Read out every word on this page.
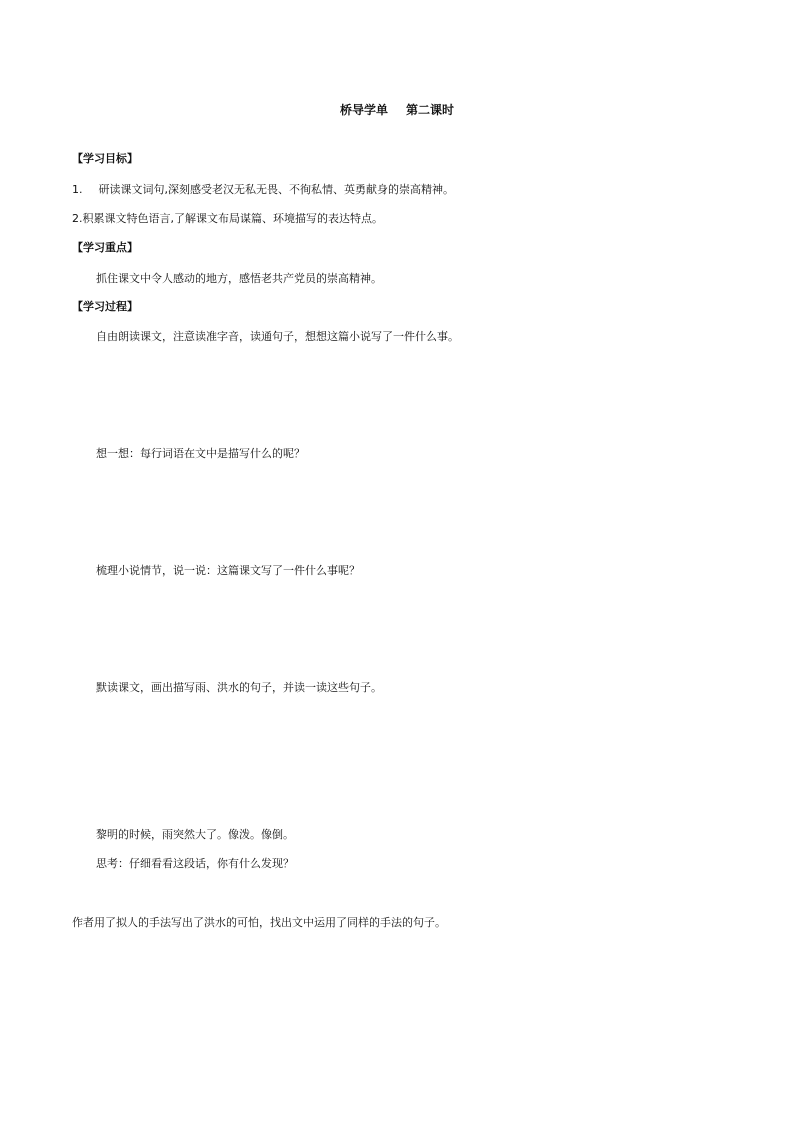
桥导学单 第二课时
【学习目标】
1. 研读课文词句,深刻感受老汉无私无畏、不徇私情、英勇献身的崇高精神。
2.积累课文特色语言,了解课文布局谋篇、环境描写的表达特点。
【学习重点】
抓住课文中令人感动的地方，感悟老共产党员的崇高精神。
【学习过程】
自由朗读课文，注意读准字音，读通句子，想想这篇小说写了一件什么事。
想一想：每行词语在文中是描写什么的呢？
梳理小说情节，说一说：这篇课文写了一件什么事呢？
默读课文，画出描写雨、洪水的句子，并读一读这些句子。
黎明的时候，雨突然大了。像泼。像倒。
思考：仔细看看这段话，你有什么发现？
作者用了拟人的手法写出了洪水的可怕，找出文中运用了同样的手法的句子。
